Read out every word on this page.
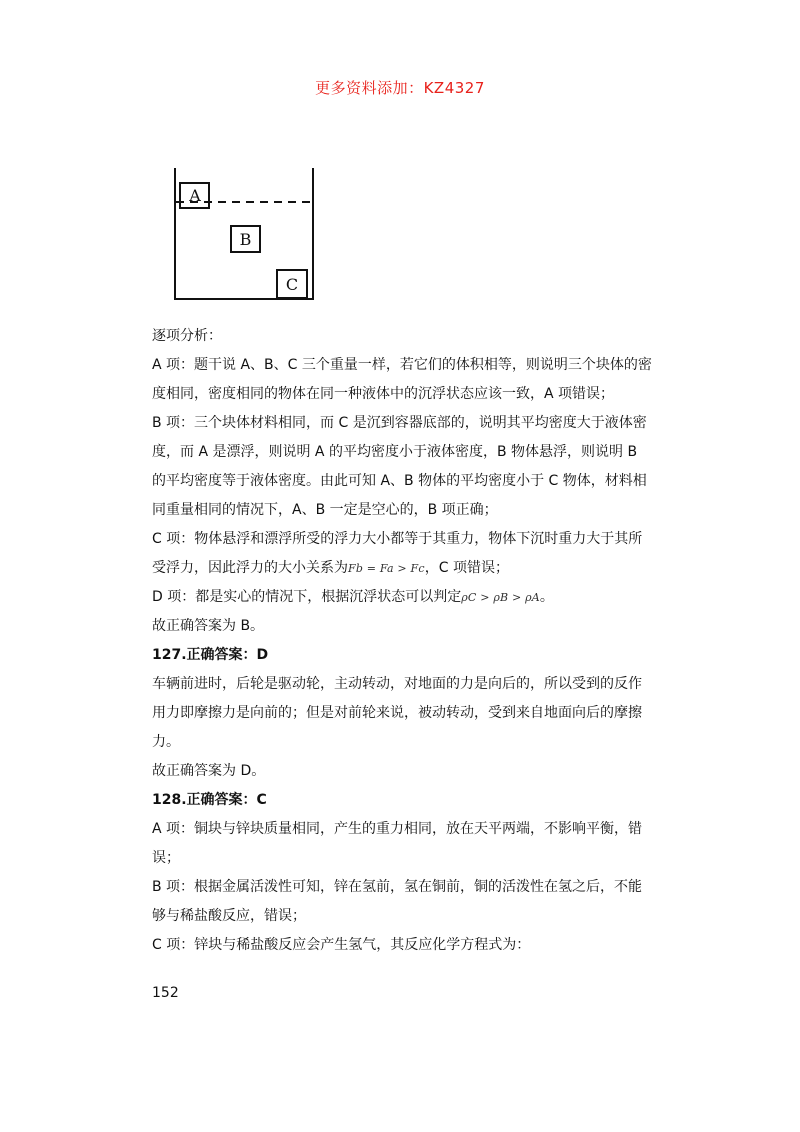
更多资料添加：KZ4327
A
B
C

逐项分析：

A 项：题干说 A、B、C 三个重量一样，若它们的体积相等，则说明三个块体的密度相同，密度相同的物体在同一种液体中的沉浮状态应该一致，A 项错误；

B 项：三个块体材料相同，而 C 是沉到容器底部的，说明其平均密度大于液体密度，而 A 是漂浮，则说明 A 的平均密度小于液体密度，B 物体悬浮，则说明 B 的平均密度等于液体密度。由此可知 A、B 物体的平均密度小于 C 物体，材料相同重量相同的情况下，A、B 一定是空心的，B 项正确；

C 项：物体悬浮和漂浮所受的浮力大小都等于其重力，物体下沉时重力大于其所受浮力，因此浮力的大小关系为Fb = Fa > Fc，C 项错误；

D 项：都是实心的情况下，根据沉浮状态可以判定ρC > ρB > ρA。

故正确答案为 B。

127.正确答案：D

车辆前进时，后轮是驱动轮，主动转动，对地面的力是向后的，所以受到的反作用力即摩擦力是向前的；但是对前轮来说，被动转动，受到来自地面向后的摩擦力。

故正确答案为 D。

128.正确答案：C

A 项：铜块与锌块质量相同，产生的重力相同，放在天平两端，不影响平衡，错误；

B 项：根据金属活泼性可知，锌在氢前，氢在铜前，铜的活泼性在氢之后，不能够与稀盐酸反应，错误；

C 项：锌块与稀盐酸反应会产生氢气，其反应化学方程式为：

152
